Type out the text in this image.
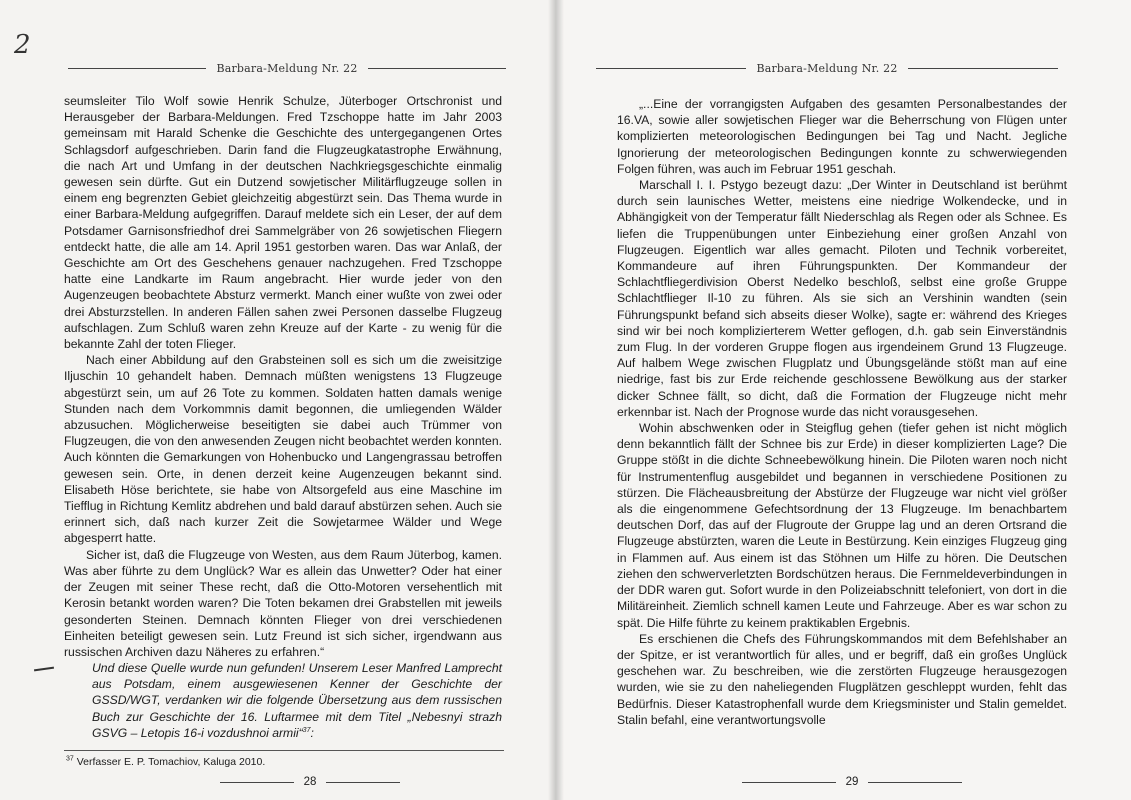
2
Barbara-Meldung Nr. 22

seumsleiter Tilo Wolf sowie Henrik Schulze, Jüterboger Ortschronist und Herausgeber der Barbara-Meldungen. Fred Tzschoppe hatte im Jahr 2003 gemeinsam mit Harald Schenke die Geschichte des untergegangenen Ortes Schlagsdorf aufgeschrieben. Darin fand die Flugzeugkatastrophe Erwähnung, die nach Art und Umfang in der deutschen Nachkriegsgeschichte einmalig gewesen sein dürfte. Gut ein Dutzend sowjetischer Militärflugzeuge sollen in einem eng begrenzten Gebiet gleichzeitig abgestürzt sein. Das Thema wurde in einer Barbara-Meldung aufgegriffen. Darauf meldete sich ein Leser, der auf dem Potsdamer Garnisonsfriedhof drei Sammelgräber von 26 sowjetischen Fliegern entdeckt hatte, die alle am 14. April 1951 gestorben waren. Das war Anlaß, der Geschichte am Ort des Geschehens genauer nachzugehen. Fred Tzschoppe hatte eine Landkarte im Raum angebracht. Hier wurde jeder von den Augenzeugen beobachtete Absturz vermerkt. Manch einer wußte von zwei oder drei Absturzstellen. In anderen Fällen sahen zwei Personen dasselbe Flugzeug aufschlagen. Zum Schluß waren zehn Kreuze auf der Karte - zu wenig für die bekannte Zahl der toten Flieger.

Nach einer Abbildung auf den Grabsteinen soll es sich um die zweisitzige Iljuschin 10 gehandelt haben. Demnach müßten wenigstens 13 Flugzeuge abgestürzt sein, um auf 26 Tote zu kommen. Soldaten hatten damals wenige Stunden nach dem Vorkommnis damit begonnen, die umliegenden Wälder abzusuchen. Möglicherweise beseitigten sie dabei auch Trümmer von Flugzeugen, die von den anwesenden Zeugen nicht beobachtet werden konnten. Auch könnten die Gemarkungen von Hohenbucko und Langengrassau betroffen gewesen sein. Orte, in denen derzeit keine Augenzeugen bekannt sind. Elisabeth Höse berichtete, sie habe von Altsorgefeld aus eine Maschine im Tiefflug in Richtung Kemlitz abdrehen und bald darauf abstürzen sehen. Auch sie erinnert sich, daß nach kurzer Zeit die Sowjetarmee Wälder und Wege abgesperrt hatte.

Sicher ist, daß die Flugzeuge von Westen, aus dem Raum Jüterbog, kamen. Was aber führte zu dem Unglück? War es allein das Unwetter? Oder hat einer der Zeugen mit seiner These recht, daß die Otto-Motoren versehentlich mit Kerosin betankt worden waren? Die Toten bekamen drei Grabstellen mit jeweils gesonderten Steinen. Demnach könnten Flieger von drei verschiedenen Einheiten beteiligt gewesen sein. Lutz Freund ist sich sicher, irgendwann aus russischen Archiven dazu Näheres zu erfahren.“

Und diese Quelle wurde nun gefunden! Unserem Leser Manfred Lamprecht aus Potsdam, einem ausgewiesenen Kenner der Geschichte der GSSD/WGT, verdanken wir die folgende Übersetzung aus dem russischen Buch zur Geschichte der 16. Luftarmee mit dem Titel „Nebesnyi strazh GSVG – Letopis 16-i vozdushnoi armii“$^{37}$:
$^{37}$ Verfasser E. P. Tomachiov, Kaluga 2010.
28
Barbara-Meldung Nr. 22

„...Eine der vorrangigsten Aufgaben des gesamten Personalbestandes der 16.VA, sowie aller sowjetischen Flieger war die Beherrschung von Flügen unter komplizierten meteorologischen Bedingungen bei Tag und Nacht. Jegliche Ignorierung der meteorologischen Bedingungen konnte zu schwerwiegenden Folgen führen, was auch im Februar 1951 geschah.

Marschall I. I. Pstygo bezeugt dazu: „Der Winter in Deutschland ist berühmt durch sein launisches Wetter, meistens eine niedrige Wolkendecke, und in Abhängigkeit von der Temperatur fällt Niederschlag als Regen oder als Schnee. Es liefen die Truppenübungen unter Einbeziehung einer großen Anzahl von Flugzeugen. Eigentlich war alles gemacht. Piloten und Technik vorbereitet, Kommandeure auf ihren Führungspunkten. Der Kommandeur der Schlachtfliegerdivision Oberst Nedelko beschloß, selbst eine große Gruppe Schlachtflieger Il-10 zu führen. Als sie sich an Vershinin wandten (sein Führungspunkt befand sich abseits dieser Wolke), sagte er: während des Krieges sind wir bei noch komplizierterem Wetter geflogen, d.h. gab sein Einverständnis zum Flug. In der vorderen Gruppe flogen aus irgendeinem Grund 13 Flugzeuge. Auf halbem Wege zwischen Flugplatz und Übungsgelände stößt man auf eine niedrige, fast bis zur Erde reichende geschlossene Bewölkung aus der starker dicker Schnee fällt, so dicht, daß die Formation der Flugzeuge nicht mehr erkennbar ist. Nach der Prognose wurde das nicht vorausgesehen.

Wohin abschwenken oder in Steigflug gehen (tiefer gehen ist nicht möglich denn bekanntlich fällt der Schnee bis zur Erde) in dieser komplizierten Lage? Die Gruppe stößt in die dichte Schneebewölkung hinein. Die Piloten waren noch nicht für Instrumentenflug ausgebildet und begannen in verschiedene Positionen zu stürzen. Die Flächeausbreitung der Abstürze der Flugzeuge war nicht viel größer als die eingenommene Gefechtsordnung der 13 Flugzeuge. Im benachbartem deutschen Dorf, das auf der Flugroute der Gruppe lag und an deren Ortsrand die Flugzeuge abstürzten, waren die Leute in Bestürzung. Kein einziges Flugzeug ging in Flammen auf. Aus einem ist das Stöhnen um Hilfe zu hören. Die Deutschen ziehen den schwerverletzten Bordschützen heraus. Die Fernmeldeverbindungen in der DDR waren gut. Sofort wurde in den Polizeiabschnitt telefoniert, von dort in die Militäreinheit. Ziemlich schnell kamen Leute und Fahrzeuge. Aber es war schon zu spät. Die Hilfe führte zu keinem praktikablen Ergebnis.

Es erschienen die Chefs des Führungskommandos mit dem Befehlshaber an der Spitze, er ist verantwortlich für alles, und er begriff, daß ein großes Unglück geschehen war. Zu beschreiben, wie die zerstörten Flugzeuge herausgezogen wurden, wie sie zu den naheliegenden Flugplätzen geschleppt wurden, fehlt das Bedürfnis. Dieser Katastrophenfall wurde dem Kriegsminister und Stalin gemeldet. Stalin befahl, eine verantwortungsvolle

29
